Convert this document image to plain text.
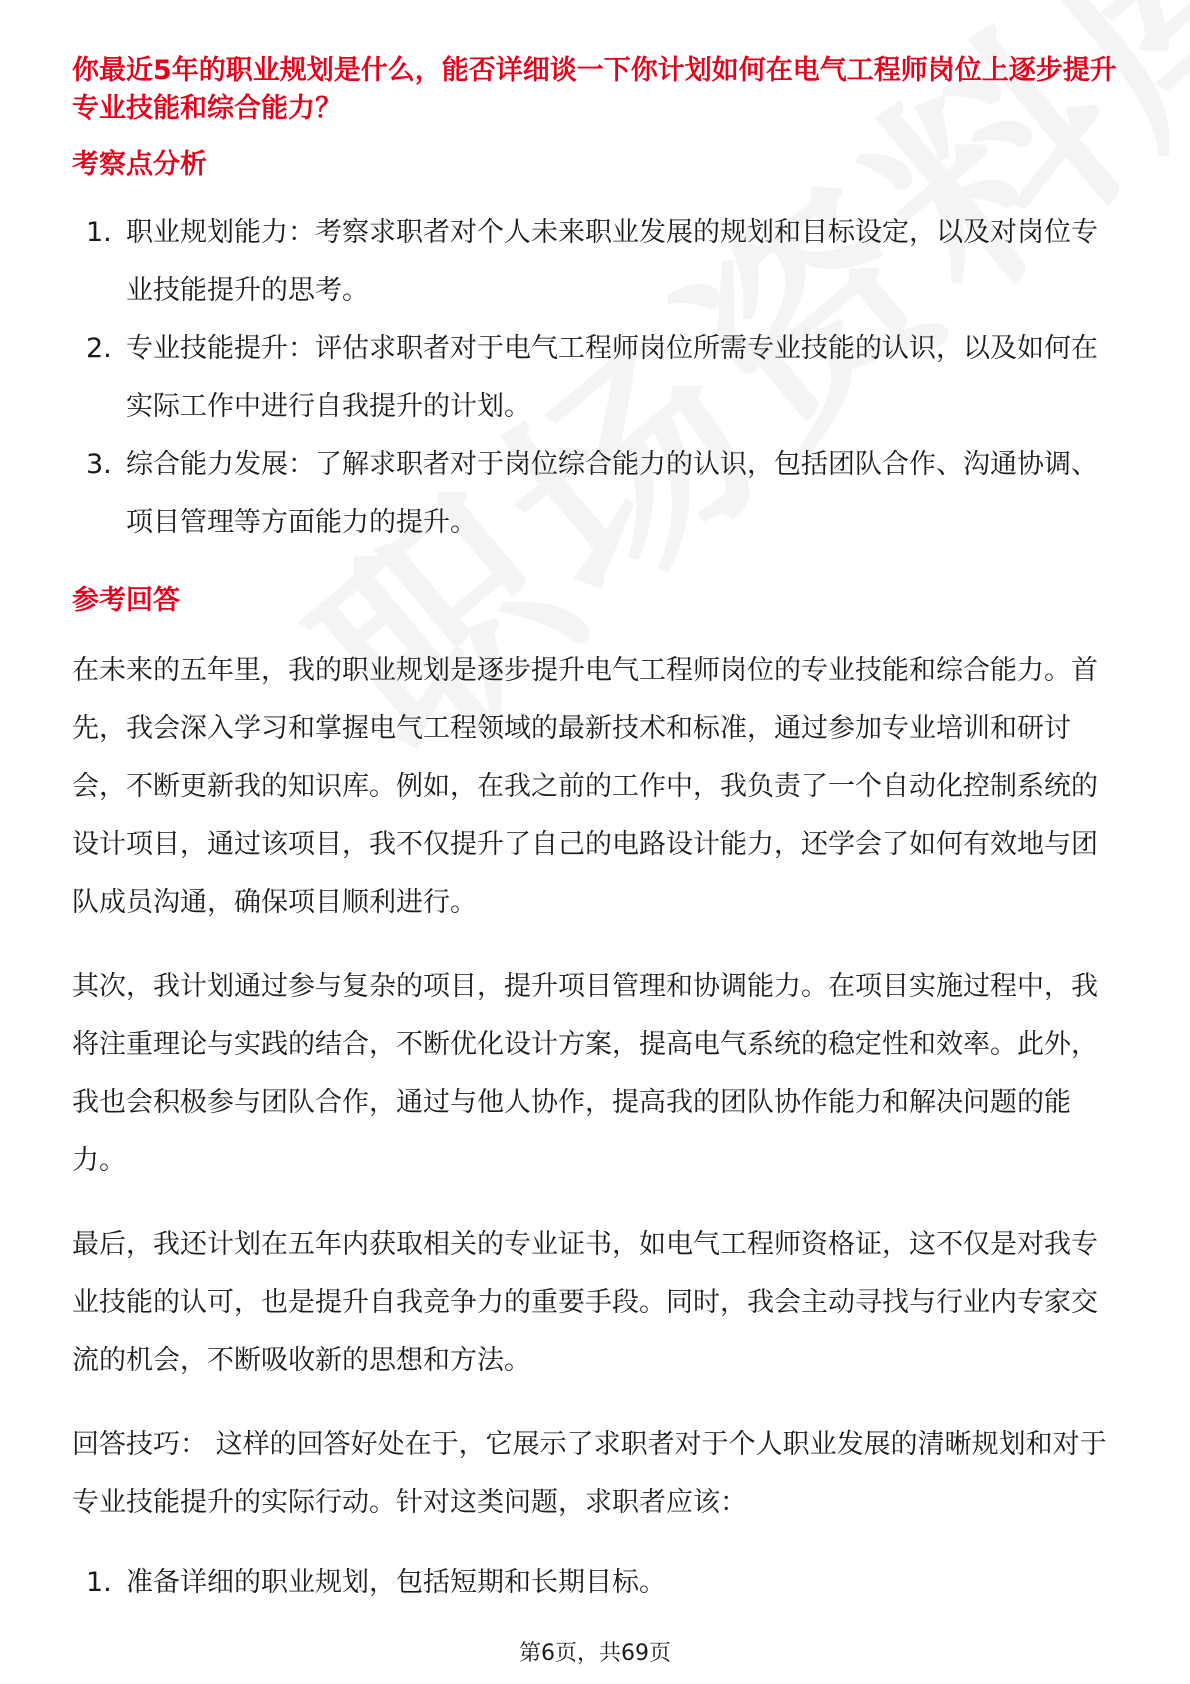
你最近5年的职业规划是什么，能否详细谈一下你计划如何在电气工程师岗位上逐步提升专业技能和综合能力？

考察点分析
1. 职业规划能力：考察求职者对个人未来职业发展的规划和目标设定，以及对岗位专业技能提升的思考。
2. 专业技能提升：评估求职者对于电气工程师岗位所需专业技能的认识，以及如何在实际工作中进行自我提升的计划。
3. 综合能力发展：了解求职者对于岗位综合能力的认识，包括团队合作、沟通协调、项目管理等方面能力的提升。
参考回答

在未来的五年里，我的职业规划是逐步提升电气工程师岗位的专业技能和综合能力。首先，我会深入学习和掌握电气工程领域的最新技术和标准，通过参加专业培训和研讨会，不断更新我的知识库。例如，在我之前的工作中，我负责了一个自动化控制系统的设计项目，通过该项目，我不仅提升了自己的电路设计能力，还学会了如何有效地与团队成员沟通，确保项目顺利进行。

其次，我计划通过参与复杂的项目，提升项目管理和协调能力。在项目实施过程中，我将注重理论与实践的结合，不断优化设计方案，提高电气系统的稳定性和效率。此外，我也会积极参与团队合作，通过与他人协作，提高我的团队协作能力和解决问题的能力。

最后，我还计划在五年内获取相关的专业证书，如电气工程师资格证，这不仅是对我专业技能的认可，也是提升自我竞争力的重要手段。同时，我会主动寻找与行业内专家交流的机会，不断吸收新的思想和方法。

回答技巧： 这样的回答好处在于，它展示了求职者对于个人职业发展的清晰规划和对于专业技能提升的实际行动。针对这类问题，求职者应该：

1. 准备详细的职业规划，包括短期和长期目标。
第6页，共69页
